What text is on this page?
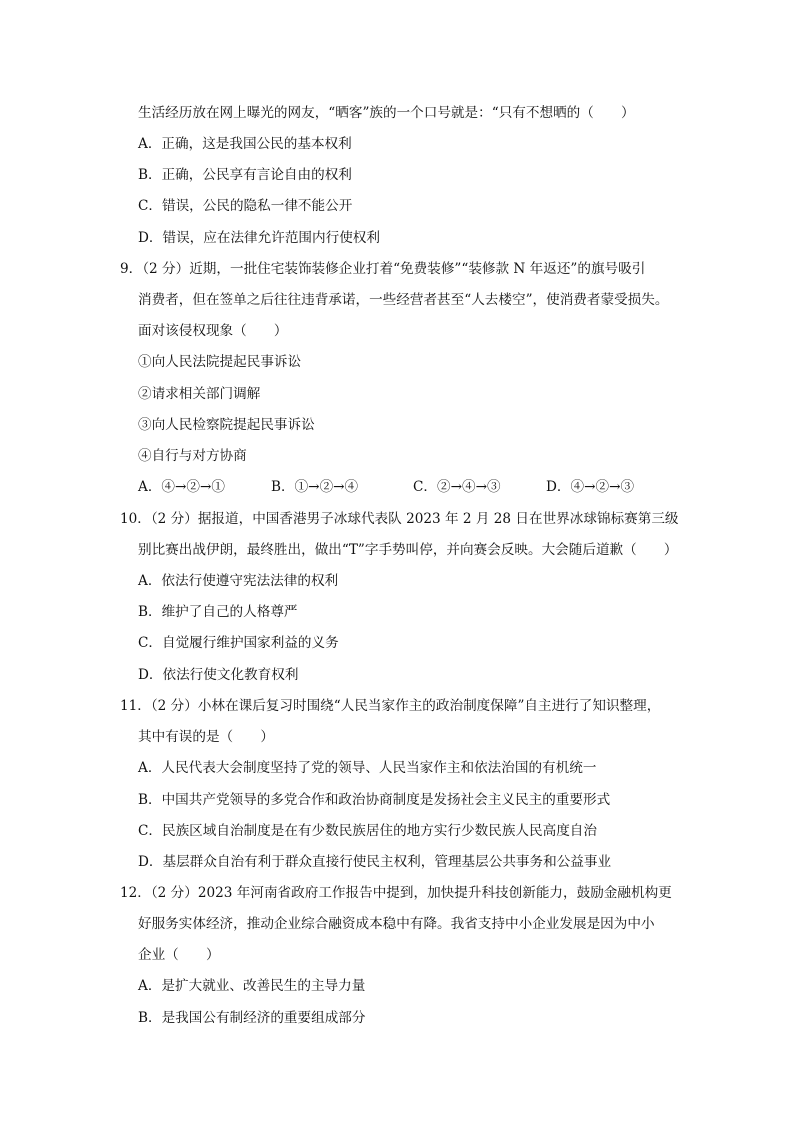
生活经历放在网上曝光的网友，“晒客”族的一个口号就是：“只有不想晒的（　　）
A．正确，这是我国公民的基本权利
B．正确，公民享有言论自由的权利
C．错误，公民的隐私一律不能公开
D．错误，应在法律允许范围内行使权利
9．（2 分）近期，一批住宅装饰装修企业打着“免费装修”“装修款 N 年返还”的旗号吸引
消费者，但在签单之后往往违背承诺，一些经营者甚至“人去楼空”，使消费者蒙受损失。
面对该侵权现象（　　）
①向人民法院提起民事诉讼
②请求相关部门调解
③向人民检察院提起民事诉讼
④自行与对方协商
A．④→②→①	B．①→②→④	C．②→④→③	D．④→②→③
10．（2 分）据报道，中国香港男子冰球代表队 2023 年 2 月 28 日在世界冰球锦标赛第三级
别比赛出战伊朗，最终胜出，做出“T”字手势叫停，并向赛会反映。大会随后道歉（　　）
A．依法行使遵守宪法法律的权利
B．维护了自己的人格尊严
C．自觉履行维护国家利益的义务
D．依法行使文化教育权利
11．（2 分）小林在课后复习时围绕“人民当家作主的政治制度保障”自主进行了知识整理，
其中有误的是（　　）
A．人民代表大会制度坚持了党的领导、人民当家作主和依法治国的有机统一
B．中国共产党领导的多党合作和政治协商制度是发扬社会主义民主的重要形式
C．民族区域自治制度是在有少数民族居住的地方实行少数民族人民高度自治
D．基层群众自治有利于群众直接行使民主权利，管理基层公共事务和公益事业
12．（2 分）2023 年河南省政府工作报告中提到，加快提升科技创新能力，鼓励金融机构更
好服务实体经济，推动企业综合融资成本稳中有降。我省支持中小企业发展是因为中小
企业（　　）
A．是扩大就业、改善民生的主导力量
B．是我国公有制经济的重要组成部分
